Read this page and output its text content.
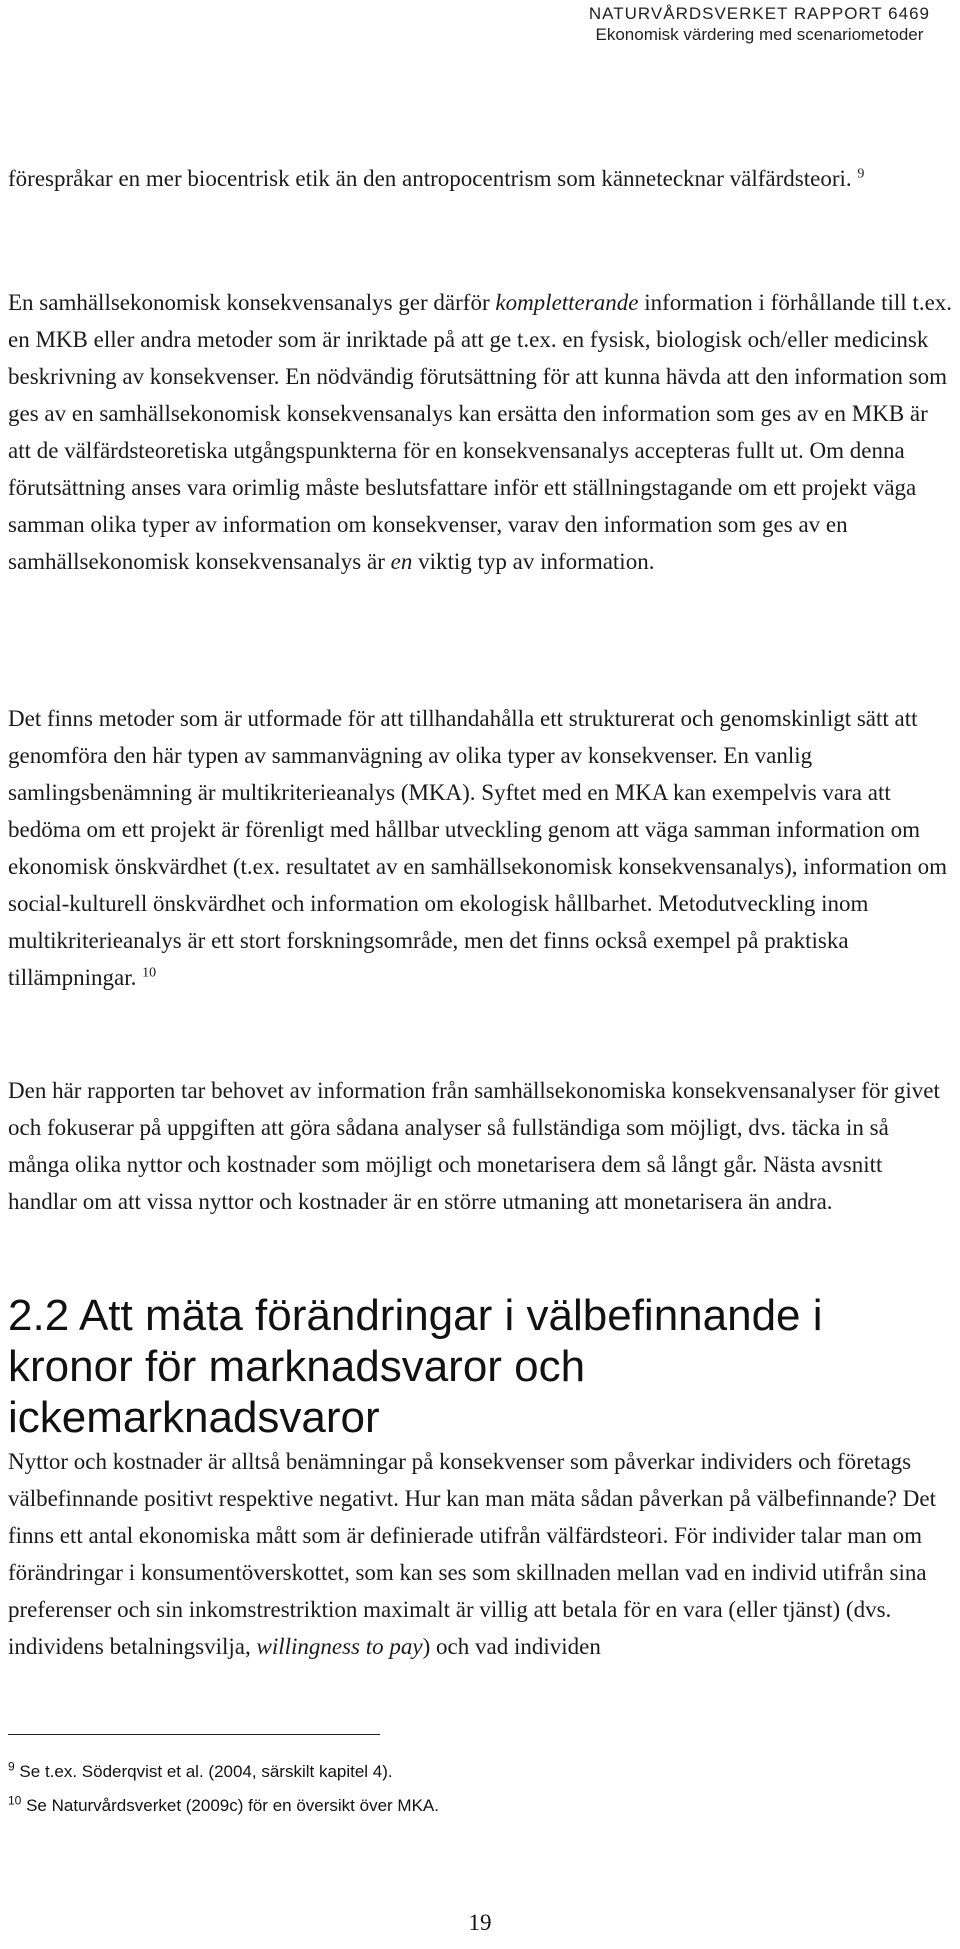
NATURVÅRDSVERKET RAPPORT 6469
Ekonomisk värdering med scenariometoder

förespråkar en mer biocentrisk etik än den antropocentrism som kännetecknar välfärdsteori. $^9$

En samhällsekonomisk konsekvensanalys ger därför kompletterande information i förhållande till t.ex. en MKB eller andra metoder som är inriktade på att ge t.ex. en fysisk, biologisk och/eller medicinsk beskrivning av konsekvenser. En nödvändig förutsättning för att kunna hävda att den information som ges av en samhällsekonomisk konsekvensanalys kan ersätta den information som ges av en MKB är att de välfärdsteoretiska utgångspunkterna för en konsekvensanalys accepteras fullt ut. Om denna förutsättning anses vara orimlig måste beslutsfattare inför ett ställningstagande om ett projekt väga samman olika typer av information om konsekvenser, varav den information som ges av en samhällsekonomisk konsekvensanalys är en viktig typ av information.

Det finns metoder som är utformade för att tillhandahålla ett strukturerat och genomskinligt sätt att genomföra den här typen av sammanvägning av olika typer av konsekvenser. En vanlig samlingsbenämning är multikriterieanalys (MKA). Syftet med en MKA kan exempelvis vara att bedöma om ett projekt är förenligt med hållbar utveckling genom att väga samman information om ekonomisk önskvärdhet (t.ex. resultatet av en samhällsekonomisk konsekvensanalys), information om social-kulturell önskvärdhet och information om ekologisk hållbarhet. Metodutveckling inom multikriterieanalys är ett stort forskningsområde, men det finns också exempel på praktiska tillämpningar. $^{10}$

Den här rapporten tar behovet av information från samhällsekonomiska konsekvensanalyser för givet och fokuserar på uppgiften att göra sådana analyser så fullständiga som möjligt, dvs. täcka in så många olika nyttor och kostnader som möjligt och monetarisera dem så långt går. Nästa avsnitt handlar om att vissa nyttor och kostnader är en större utmaning att monetarisera än andra.

2.2 Att mäta förändringar i välbefinnande i kronor för marknadsvaror och ickemarknadsvaror

Nyttor och kostnader är alltså benämningar på konsekvenser som påverkar individers och företags välbefinnande positivt respektive negativt. Hur kan man mäta sådan påverkan på välbefinnande? Det finns ett antal ekonomiska mått som är definierade utifrån välfärdsteori. För individer talar man om förändringar i konsumentöverskottet, som kan ses som skillnaden mellan vad en individ utifrån sina preferenser och sin inkomstrestriktion maximalt är villig att betala för en vara (eller tjänst) (dvs. individens betalningsvilja, willingness to pay) och vad individen

$^9$ Se t.ex. Söderqvist et al. (2004, särskilt kapitel 4).
$^{10}$ Se Naturvårdsverket (2009c) för en översikt över MKA.
19
